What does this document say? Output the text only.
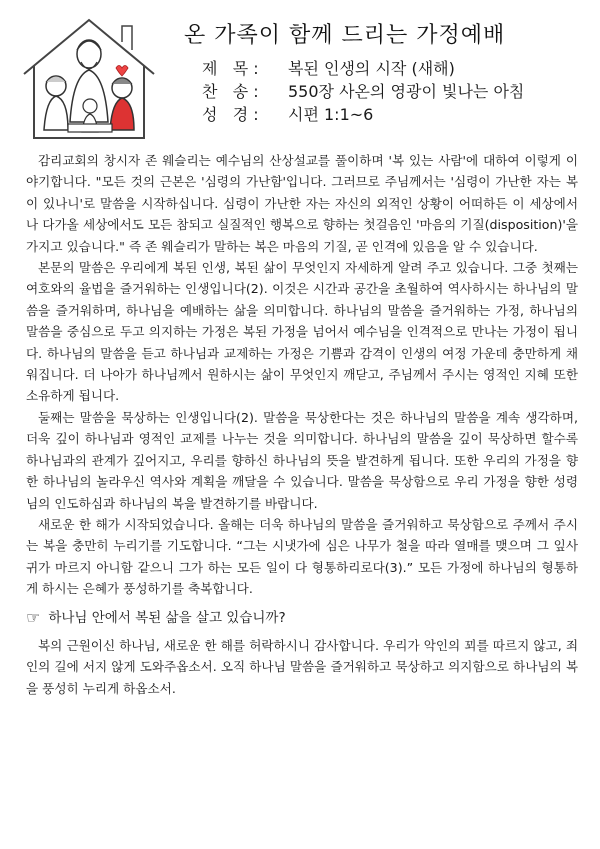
온 가족이 함께 드리는 가정예배
제   목 :	복된 인생의 시작 (새해)
찬   송 :	550장 사온의 영광이 빛나는 아침
성   경 :	시편 1:1~6

감리교회의 창시자 존 웨슬리는 예수님의 산상설교를 풀이하며 '복 있는 사람'에 대하여 이렇게 이야기합니다. "모든 것의 근본은 '심령의 가난함'입니다. 그러므로 주님께서는 '심령이 가난한 자는 복이 있나니'로 말씀을 시작하십니다. 심령이 가난한 자는 자신의 외적인 상황이 어떠하든 이 세상에서나 다가올 세상에서도 모든 참되고 실질적인 행복으로 향하는 첫걸음인 '마음의 기질(disposition)'을 가지고 있습니다." 즉 존 웨슬리가 말하는 복은 마음의 기질, 곧 인격에 있음을 알 수 있습니다.

본문의 말씀은 우리에게 복된 인생, 복된 삶이 무엇인지 자세하게 알려 주고 있습니다. 그중 첫째는 여호와의 율법을 즐거워하는 인생입니다(2). 이것은 시간과 공간을 초월하여 역사하시는 하나님의 말씀을 즐거워하며, 하나님을 예배하는 삶을 의미합니다. 하나님의 말씀을 즐거워하는 가정, 하나님의 말씀을 중심으로 두고 의지하는 가정은 복된 가정을 넘어서 예수님을 인격적으로 만나는 가정이 됩니다. 하나님의 말씀을 듣고 하나님과 교제하는 가정은 기쁨과 감격이 인생의 여정 가운데 충만하게 채워집니다. 더 나아가 하나님께서 원하시는 삶이 무엇인지 깨닫고, 주님께서 주시는 영적인 지혜 또한 소유하게 됩니다.

둘째는 말씀을 묵상하는 인생입니다(2). 말씀을 묵상한다는 것은 하나님의 말씀을 계속 생각하며, 더욱 깊이 하나님과 영적인 교제를 나누는 것을 의미합니다. 하나님의 말씀을 깊이 묵상하면 할수록 하나님과의 관계가 깊어지고, 우리를 향하신 하나님의 뜻을 발견하게 됩니다. 또한 우리의 가정을 향한 하나님의 놀라우신 역사와 계획을 깨달을 수 있습니다. 말씀을 묵상함으로 우리 가정을 향한 성령님의 인도하심과 하나님의 복을 발견하기를 바랍니다.

새로운 한 해가 시작되었습니다. 올해는 더욱 하나님의 말씀을 즐거워하고 묵상함으로 주께서 주시는 복을 충만히 누리기를 기도합니다. “그는 시냇가에 심은 나무가 철을 따라 열매를 맺으며 그 잎사귀가 마르지 아니함 같으니 그가 하는 모든 일이 다 형통하리로다(3).” 모든 가정에 하나님의 형통하게 하시는 은혜가 풍성하기를 축복합니다.

☞ 하나님 안에서 복된 삶을 살고 있습니까?

복의 근원이신 하나님, 새로운 한 해를 허락하시니 감사합니다. 우리가 악인의 꾀를 따르지 않고, 죄인의 길에 서지 않게 도와주옵소서. 오직 하나님 말씀을 즐거워하고 묵상하고 의지함으로 하나님의 복을 풍성히 누리게 하옵소서.
